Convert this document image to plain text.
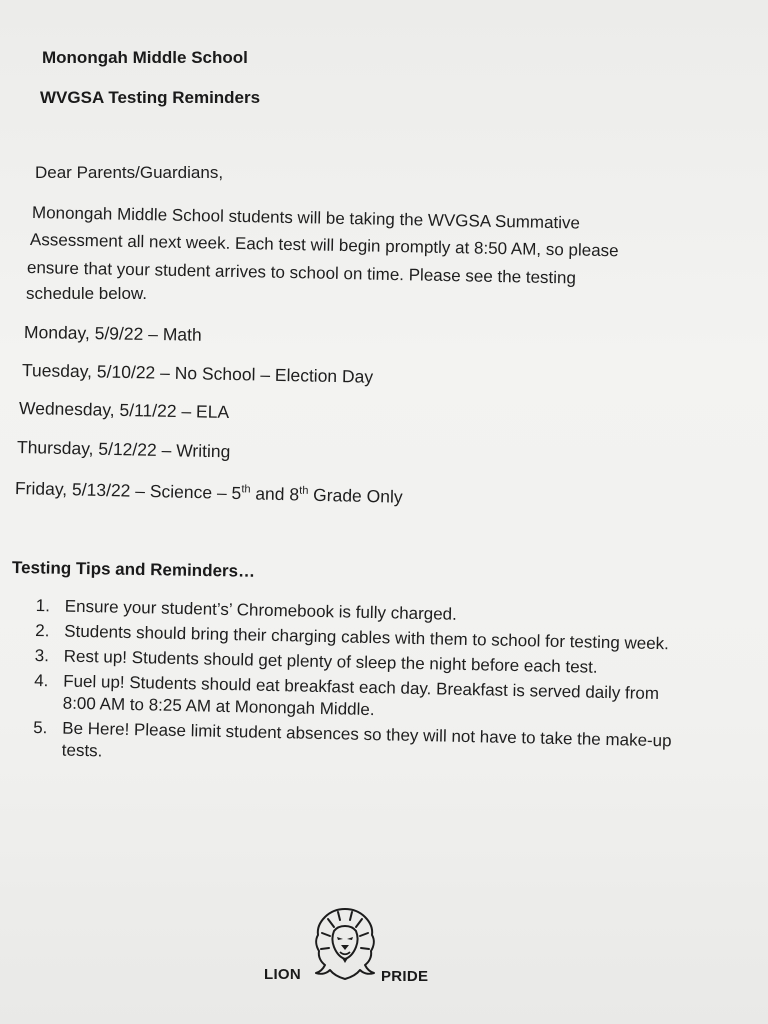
Monongah Middle School
WVGSA Testing Reminders
Dear Parents/Guardians,
Monongah Middle School students will be taking the WVGSA Summative
Assessment all next week. Each test will begin promptly at 8:50 AM, so please
ensure that your student arrives to school on time. Please see the testing
schedule below.
Monday, 5/9/22 – Math
Tuesday, 5/10/22 – No School – Election Day
Wednesday, 5/11/22 – ELA
Thursday, 5/12/22 – Writing
Friday, 5/13/22 – Science – 5th and 8th Grade Only
Testing Tips and Reminders…
1. Ensure your student’s’ Chromebook is fully charged.
2. Students should bring their charging cables with them to school for testing week.
3. Rest up! Students should get plenty of sleep the night before each test.
4. Fuel up! Students should eat breakfast each day. Breakfast is served daily from 8:00 AM to 8:25 AM at Monongah Middle.
5. Be Here! Please limit student absences so they will not have to take the make-up tests.
LION	PRIDE
